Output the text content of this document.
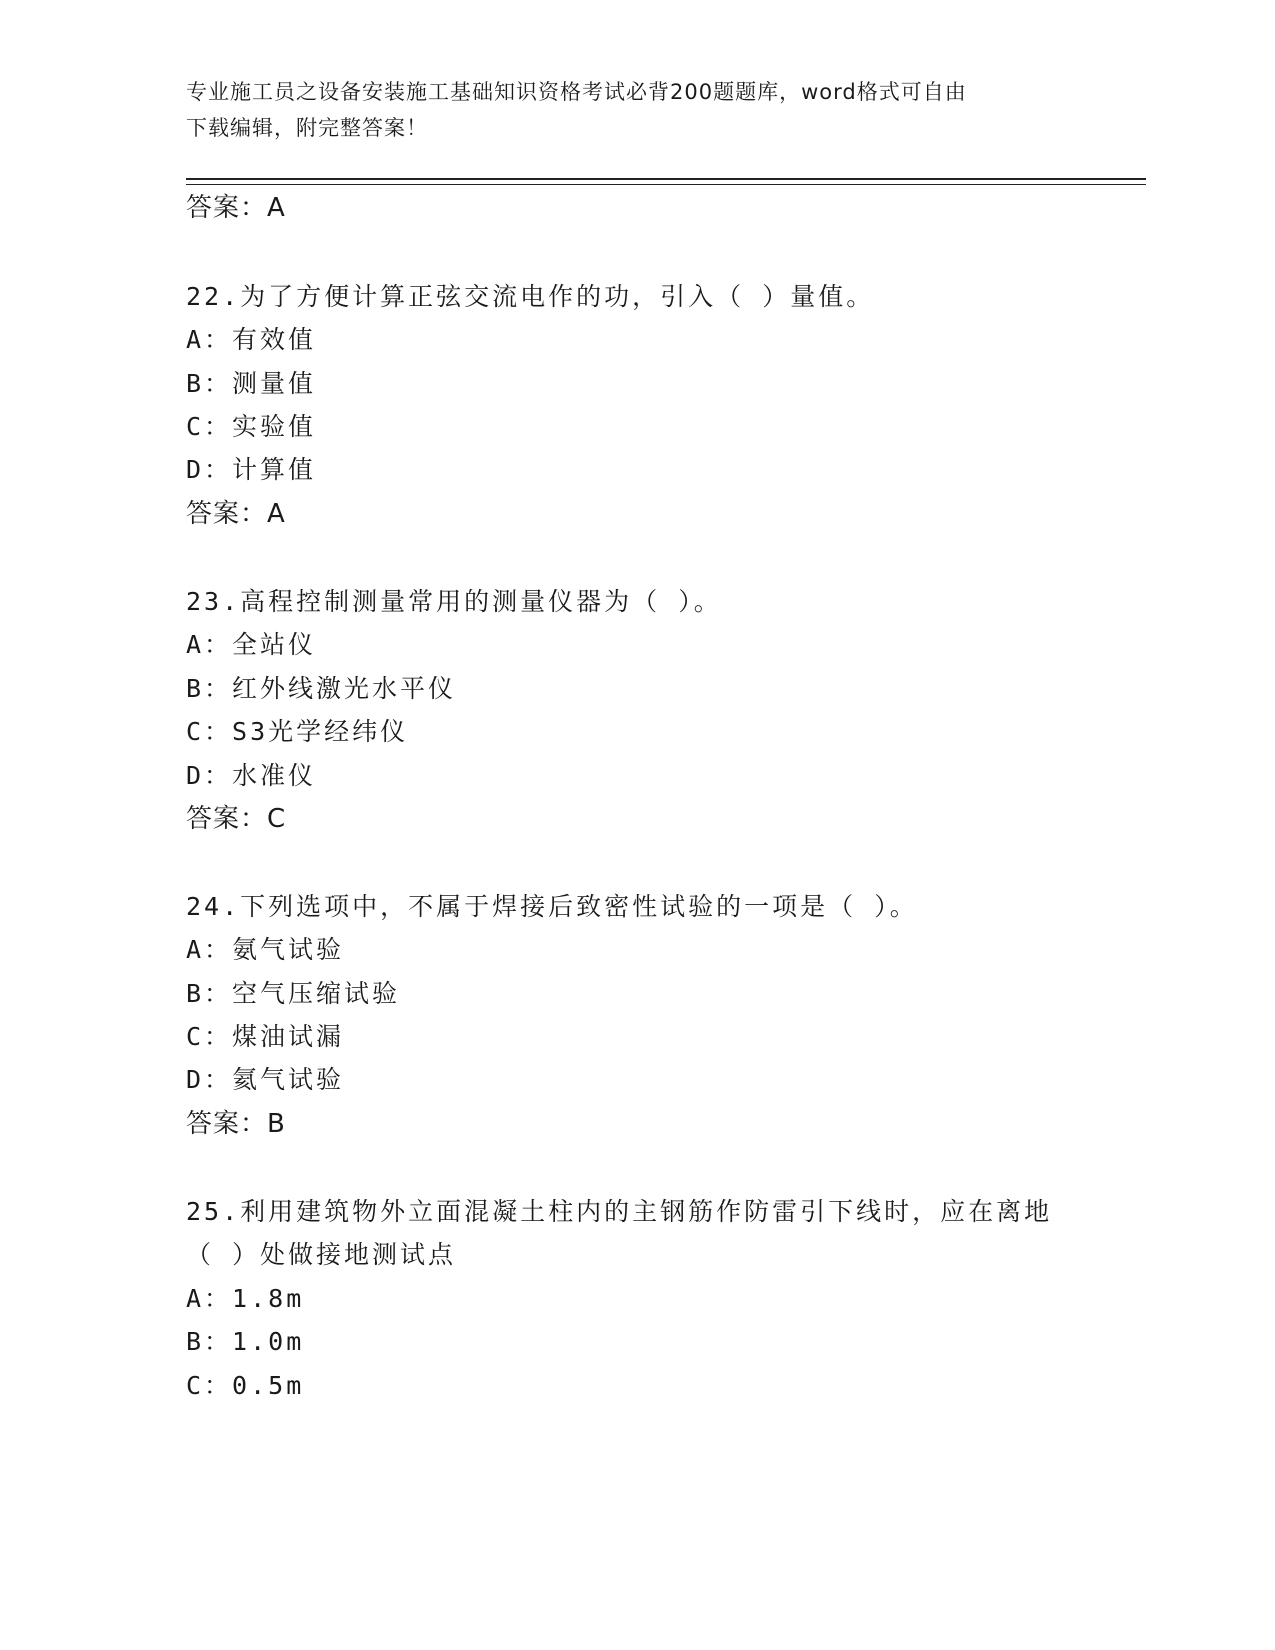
专业施工员之设备安装施工基础知识资格考试必背200题题库，word格式可自由
下载编辑，附完整答案！
答案：A
22.为了方便计算正弦交流电作的功，引入（ ）量值。
A：有效值
B：测量值
C：实验值
D：计算值
答案：A
23.高程控制测量常用的测量仪器为（ ）。
A：全站仪
B：红外线激光水平仪
C：S3光学经纬仪
D：水准仪
答案：C
24.下列选项中，不属于焊接后致密性试验的一项是（ ）。
A：氨气试验
B：空气压缩试验
C：煤油试漏
D：氦气试验
答案：B
25.利用建筑物外立面混凝土柱内的主钢筋作防雷引下线时，应在离地
（ ）处做接地测试点
A：1.8m
B：1.0m
C：0.5m
